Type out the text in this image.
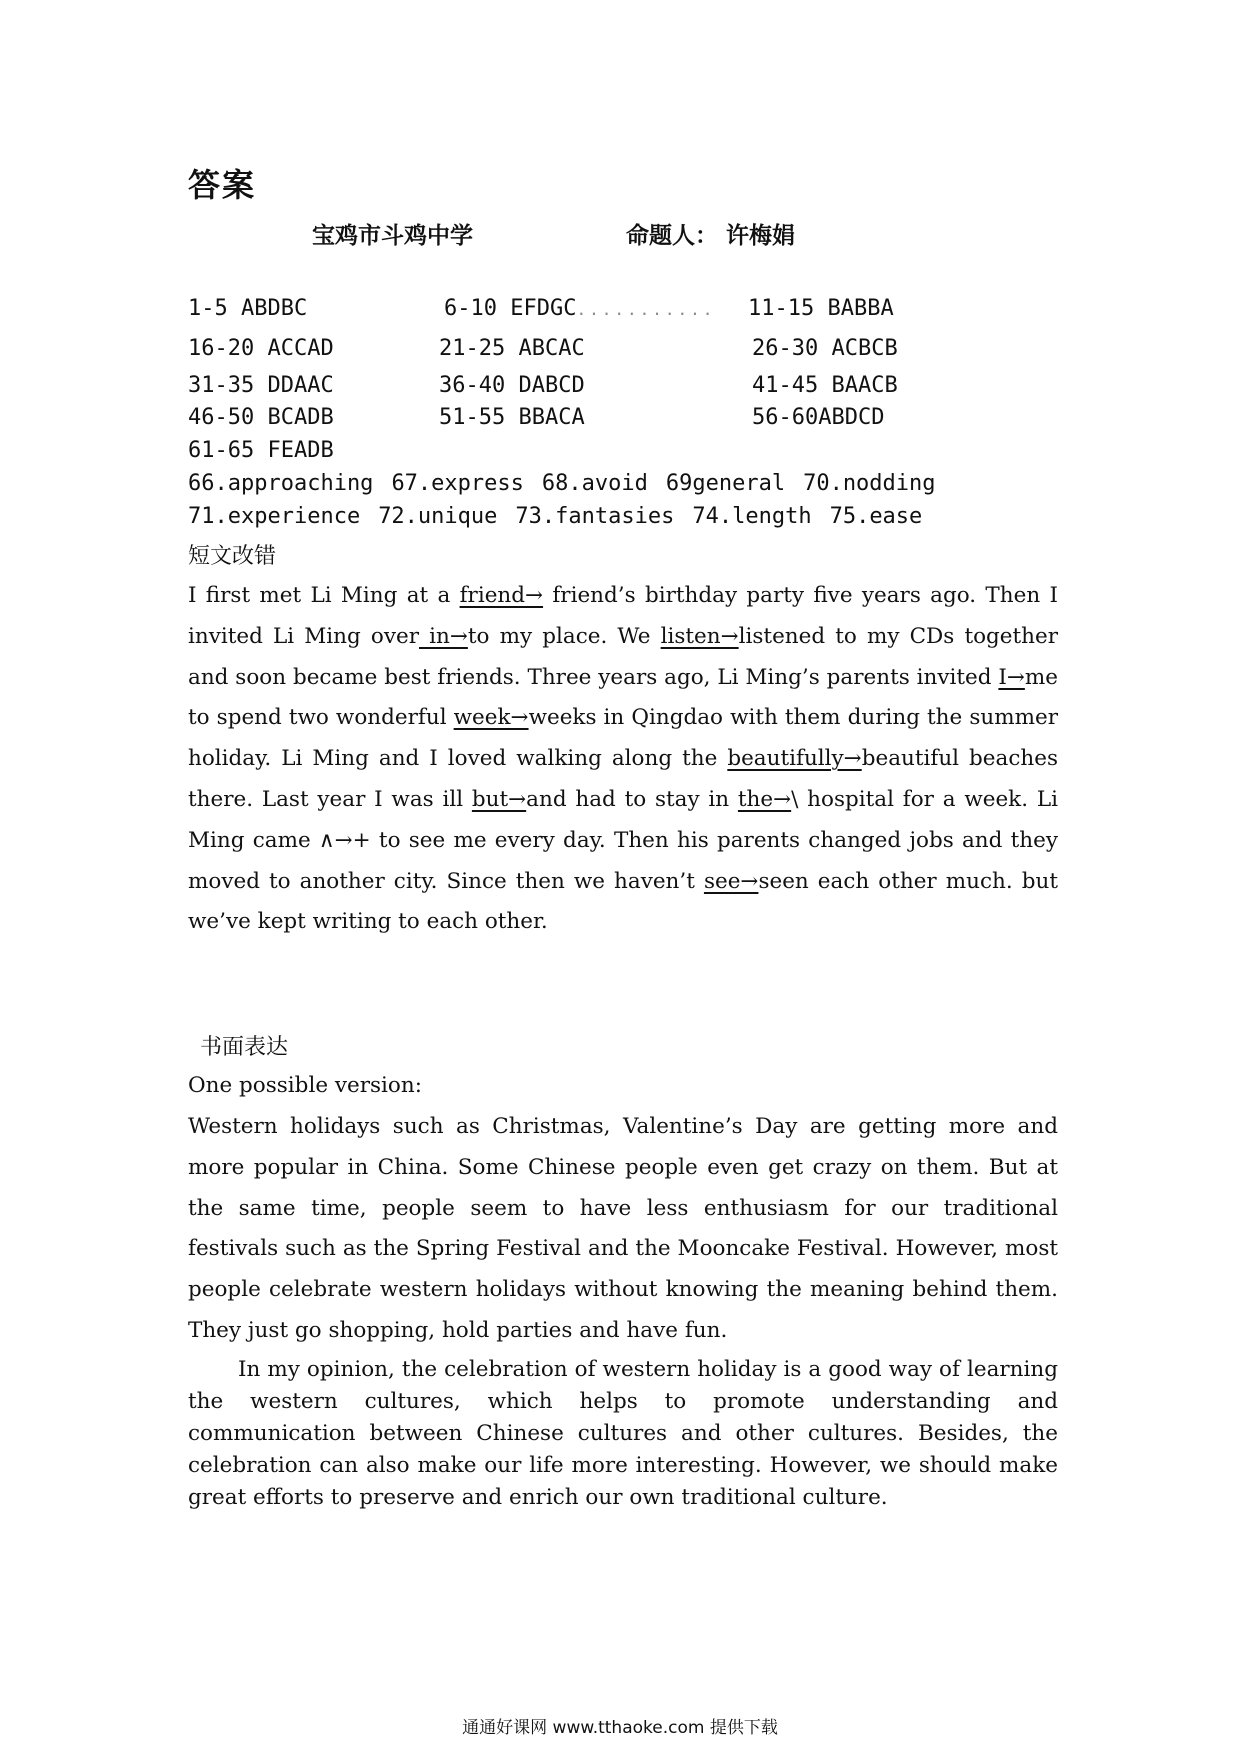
答案
宝鸡市斗鸡中学	命题人： 许梅娟
1-5 ABDBC	6-10 EFDGC........... 11-15 BABBA
16-20 ACCAD	21-25 ABCAC	26-30 ACBCB
31-35 DDAAC	36-40 DABCD	41-45 BAACB
46-50 BCADB	51-55 BBACA	56-60ABDCD
61-65 FEADB
66.approaching 67.express 68.avoid 69general 70.nodding
71.experience 72.unique 73.fantasies 74.length 75.ease
短文改错
I first met Li Ming at a friend→ friend’s birthday party five years ago. Then I invited Li Ming over in→to my place. We listen→listened to my CDs together and soon became best friends. Three years ago, Li Ming’s parents invited I→me to spend two wonderful week→weeks in Qingdao with them during the summer holiday. Li Ming and I loved walking along the beautifully→beautiful beaches there. Last year I was ill but→and had to stay in the→\ hospital for a week. Li Ming came ∧→+ to see me every day. Then his parents changed jobs and they moved to another city. Since then we haven’t see→seen each other much. but we’ve kept writing to each other.
书面表达
One possible version:
Western holidays such as Christmas, Valentine’s Day are getting more and more popular in China. Some Chinese people even get crazy on them. But at the same time, people seem to have less enthusiasm for our traditional festivals such as the Spring Festival and the Mooncake Festival. However, most people celebrate western holidays without knowing the meaning behind them. They just go shopping, hold parties and have fun.
In my opinion, the celebration of western holiday is a good way of learning the western cultures, which helps to promote understanding and communication between Chinese cultures and other cultures. Besides, the celebration can also make our life more interesting. However, we should make great efforts to preserve and enrich our own traditional culture.
通通好课网 www.tthaoke.com 提供下载
